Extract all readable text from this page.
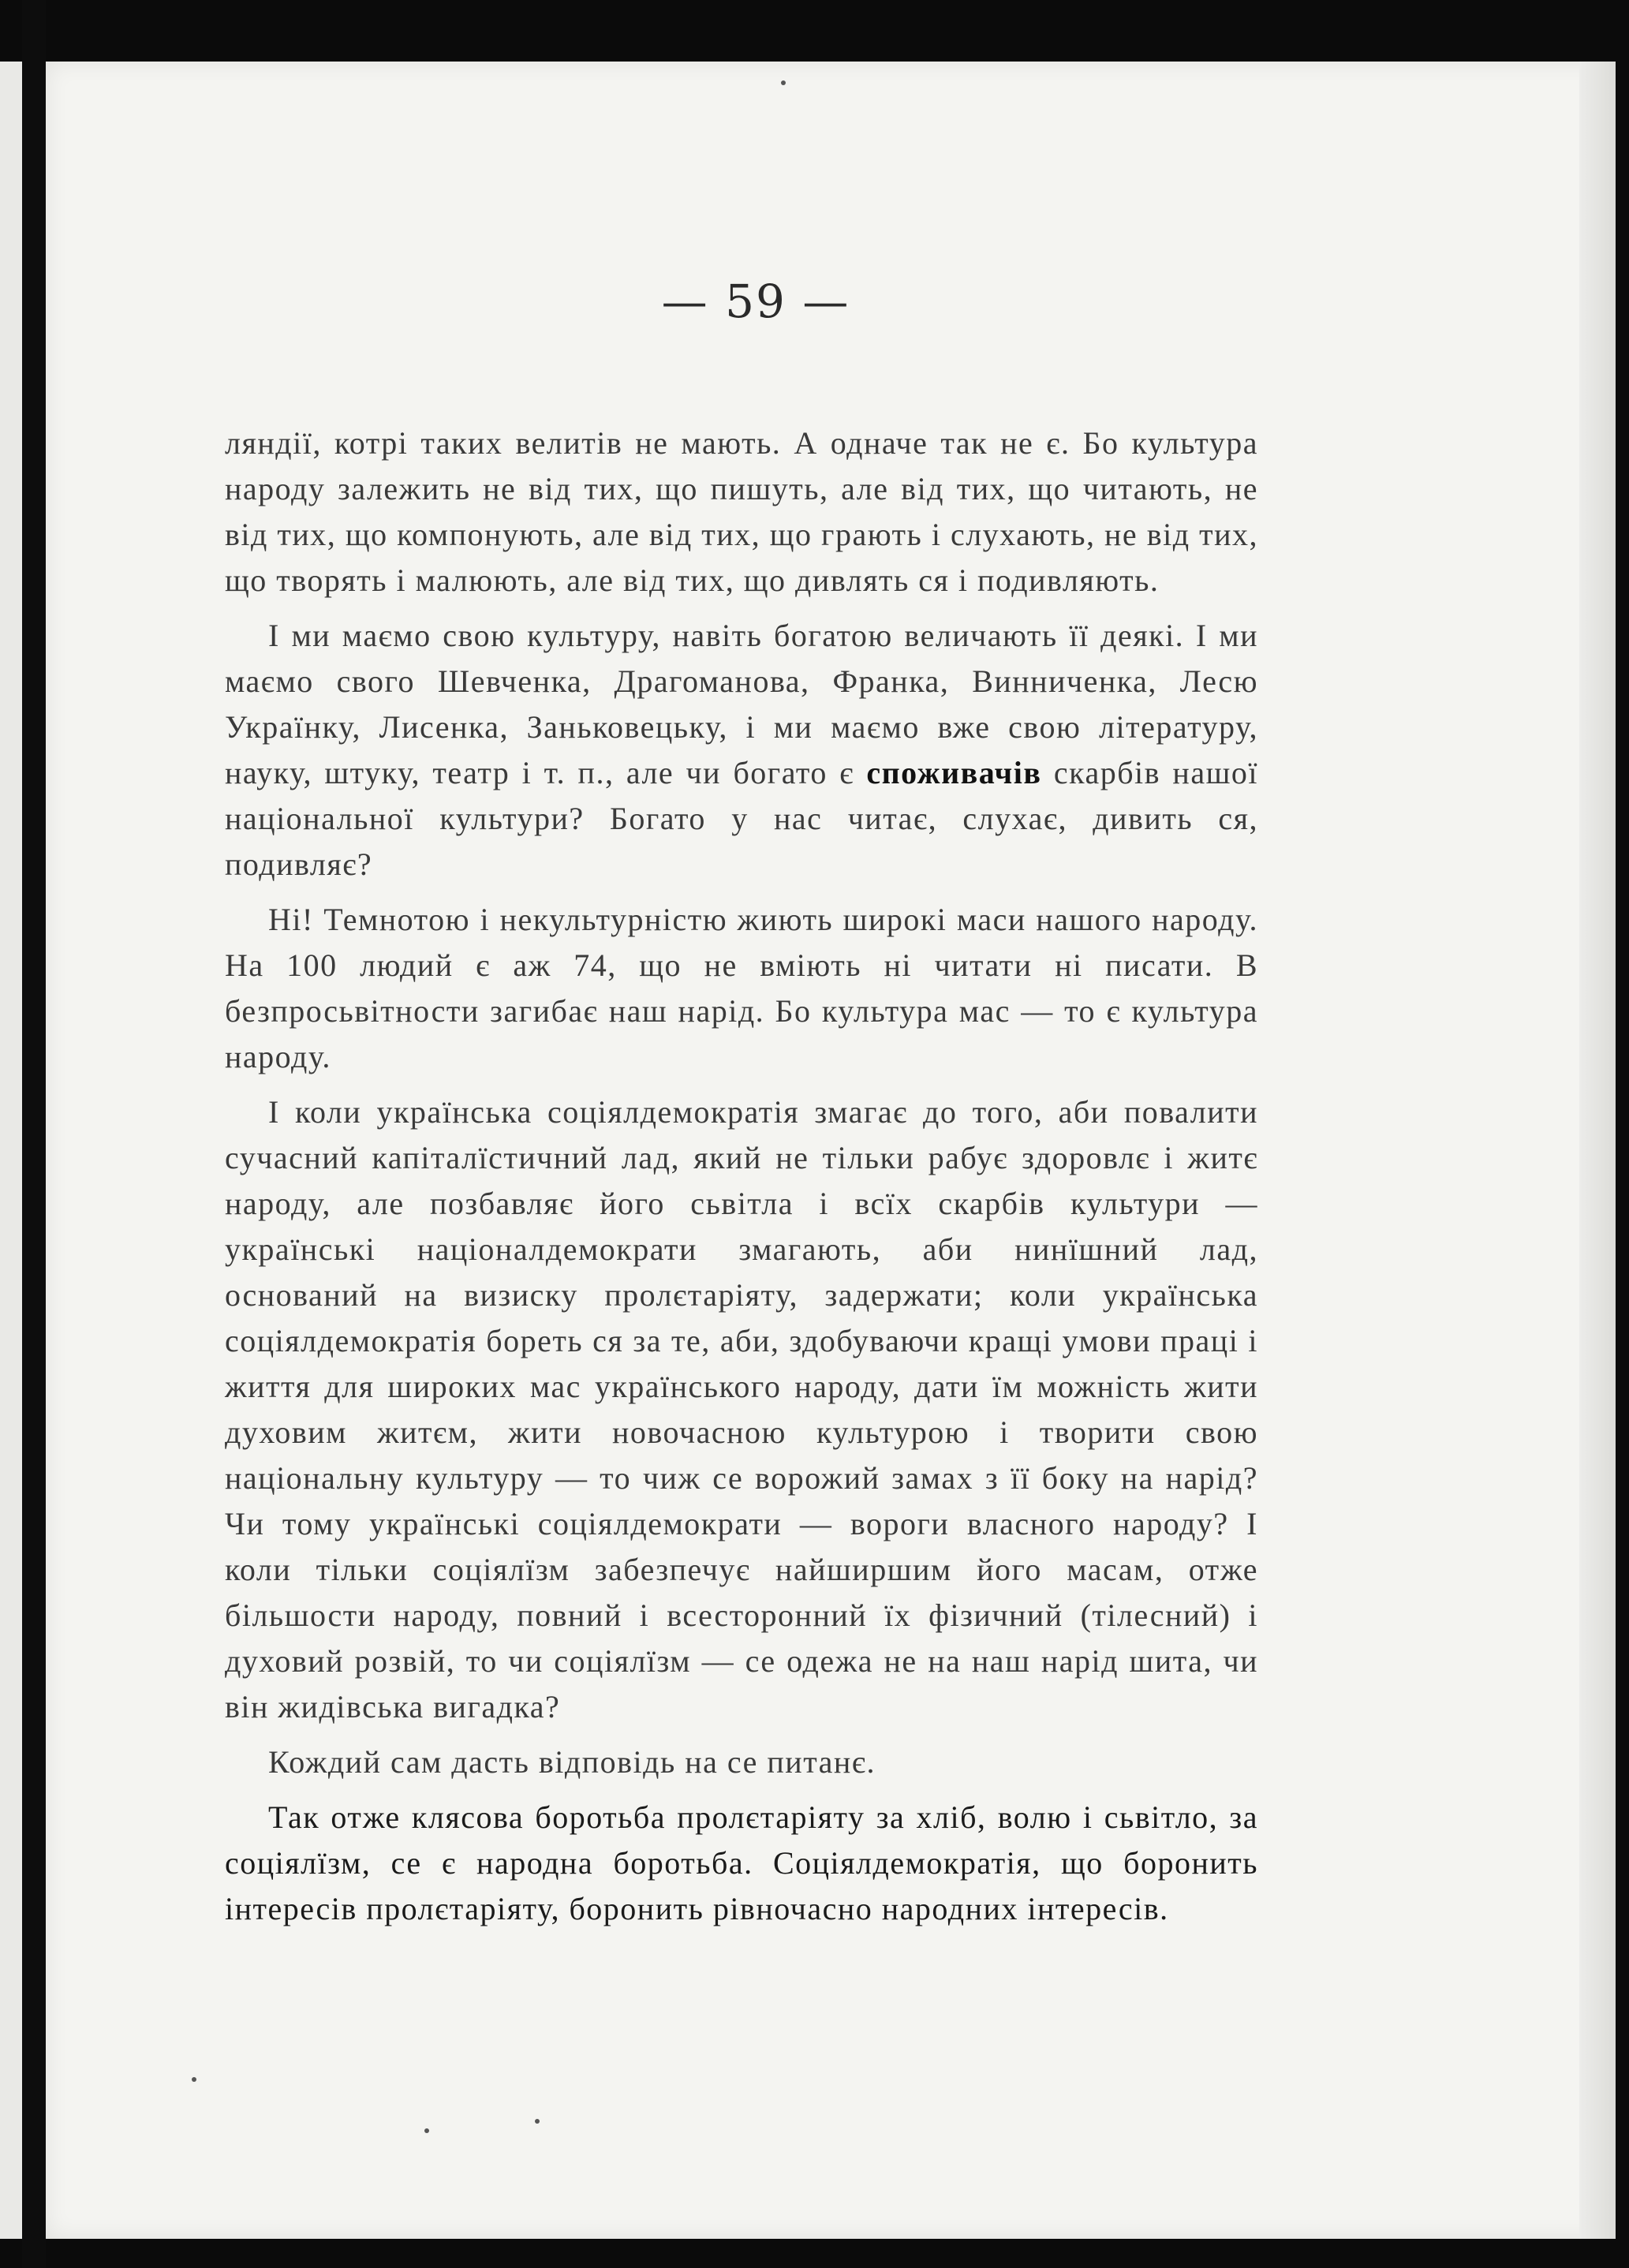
— 59 —

ляндії, котрі таких велитів не мають. А одначе так не є. Бо культура народу залежить не від тих, що пишуть, але від тих, що читають, не від тих, що компонують, але від тих, що грають і слухають, не від тих, що творять і малюють, але від тих, що дивлять ся і подивляють.

І ми маємо свою культуру, навіть богатою величають її деякі. І ми маємо свого Шевченка, Драгоманова, Франка, Винниченка, Лесю Українку, Лисенка, Заньковецьку, і ми маємо вже свою літературу, науку, штуку, театр і т. п., але чи богато є споживачів скарбів нашої національної культури? Богато у нас читає, слухає, дивить ся, подивляє?

Ні! Темнотою і некультурністю жиють широкі маси нашого народу. На 100 людий є аж 74, що не вміють ні читати ні писати. В безпросьвітности загибає наш нарід. Бо культура мас — то є культура народу.

І коли українська соціялдемократія змагає до того, аби повалити сучасний капіталїстичний лад, який не тільки рабує здоровлє і житє народу, але позбавляє його сьвітла і всїх скарбів культури — українські націоналдемократи змагають, аби нинїшний лад, оснований на визиску пролєтаріяту, задержати; коли українська соціялдемократія бореть ся за те, аби, здобуваючи кращі умови праці і життя для широких мас українського народу, дати їм можність жити духовим житєм, жити новочасною культурою і творити свою національну культуру — то чиж се ворожий замах з її боку на нарід? Чи тому українські соціялдемократи — вороги власного народу? І коли тільки соціялїзм забезпечує найширшим його масам, отже більшости народу, повний і всесторонний їх фізичний (тілесний) і духовий розвій, то чи соціялїзм — се одежа не на наш нарід шита, чи він жидівська вигадка?

Кождий сам дасть відповідь на се питанє.

Так отже клясова боротьба пролєтаріяту за хліб, волю і сьвітло, за соціялїзм, се є народна боротьба. Соціялдемократія, що боронить інтересів пролєтаріяту, боронить рівночасно народних інтересів.
